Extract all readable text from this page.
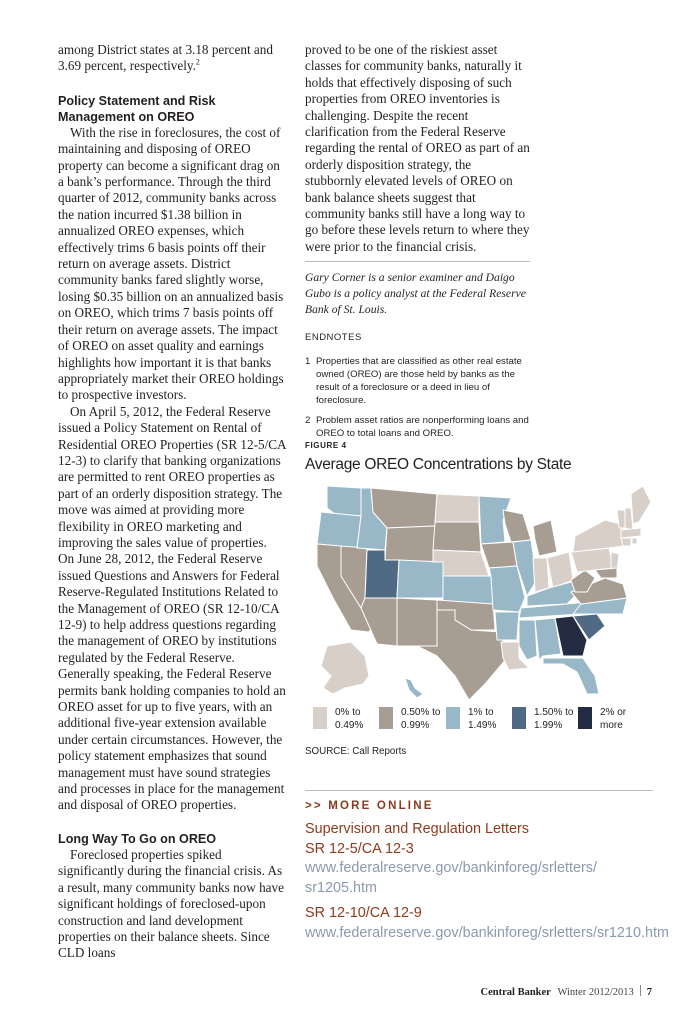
among District states at 3.18 percent and 3.69 percent, respectively.$^2$

Policy Statement and Risk Management on OREO

With the rise in foreclosures, the cost of maintaining and disposing of OREO property can become a significant drag on a bank’s performance. Through the third quarter of 2012, community banks across the nation incurred $1.38 billion in annualized OREO expenses, which effectively trims 6 basis points off their return on average assets. District community banks fared slightly worse, losing $0.35 billion on an annualized basis on OREO, which trims 7 basis points off their return on average assets. The impact of OREO on asset quality and earnings highlights how important it is that banks appropriately market their OREO holdings to prospective investors.

On April 5, 2012, the Federal Reserve issued a Policy Statement on Rental of Residential OREO Properties (SR 12-5/CA 12-3) to clarify that banking organizations are permitted to rent OREO properties as part of an orderly disposition strategy. The move was aimed at providing more flexibility in OREO marketing and improving the sales value of properties. On June 28, 2012, the Federal Reserve issued Questions and Answers for Federal Reserve-Regulated Institutions Related to the Management of OREO (SR 12-10/CA 12-9) to help address questions regarding the management of OREO by institutions regulated by the Federal Reserve. Generally speaking, the Federal Reserve permits bank holding companies to hold an OREO asset for up to five years, with an additional five-year extension available under certain circumstances. However, the policy statement emphasizes that sound management must have sound strategies and processes in place for the management and disposal of OREO properties.

Long Way To Go on OREO

Foreclosed properties spiked significantly during the financial crisis. As a result, many community banks now have significant holdings of foreclosed-upon construction and land development properties on their balance sheets. Since CLD loans

proved to be one of the riskiest asset classes for community banks, naturally it holds that effectively disposing of such properties from OREO inventories is challenging. Despite the recent clarification from the Federal Reserve regarding the rental of OREO as part of an orderly disposition strategy, the stubbornly elevated levels of OREO on bank balance sheets suggest that community banks still have a long way to go before these levels return to where they were prior to the financial crisis.

Gary Corner is a senior examiner and Daigo Gubo is a policy analyst at the Federal Reserve Bank of St. Louis.

ENDNOTES
1 Properties that are classified as other real estate owned (OREO) are those held by banks as the result of a foreclosure or a deed in lieu of foreclosure.
2 Problem asset ratios are nonperforming loans and OREO to total loans and OREO.
FIGURE 4
Average OREO Concentrations by State
0% to
0.49%
0.50% to
0.99%
1% to
1.49%
1.50% to
1.99%
2% or
more
SOURCE: Call Reports
>> MORE ONLINE
Supervision and Regulation Letters
SR 12-5/CA 12-3
www.federalreserve.gov/bankinforeg/srletters/
sr1205.htm
SR 12-10/CA 12-9
www.federalreserve.gov/bankinforeg/srletters/sr1210.htm
Central Banker Winter 2012/2013 7
